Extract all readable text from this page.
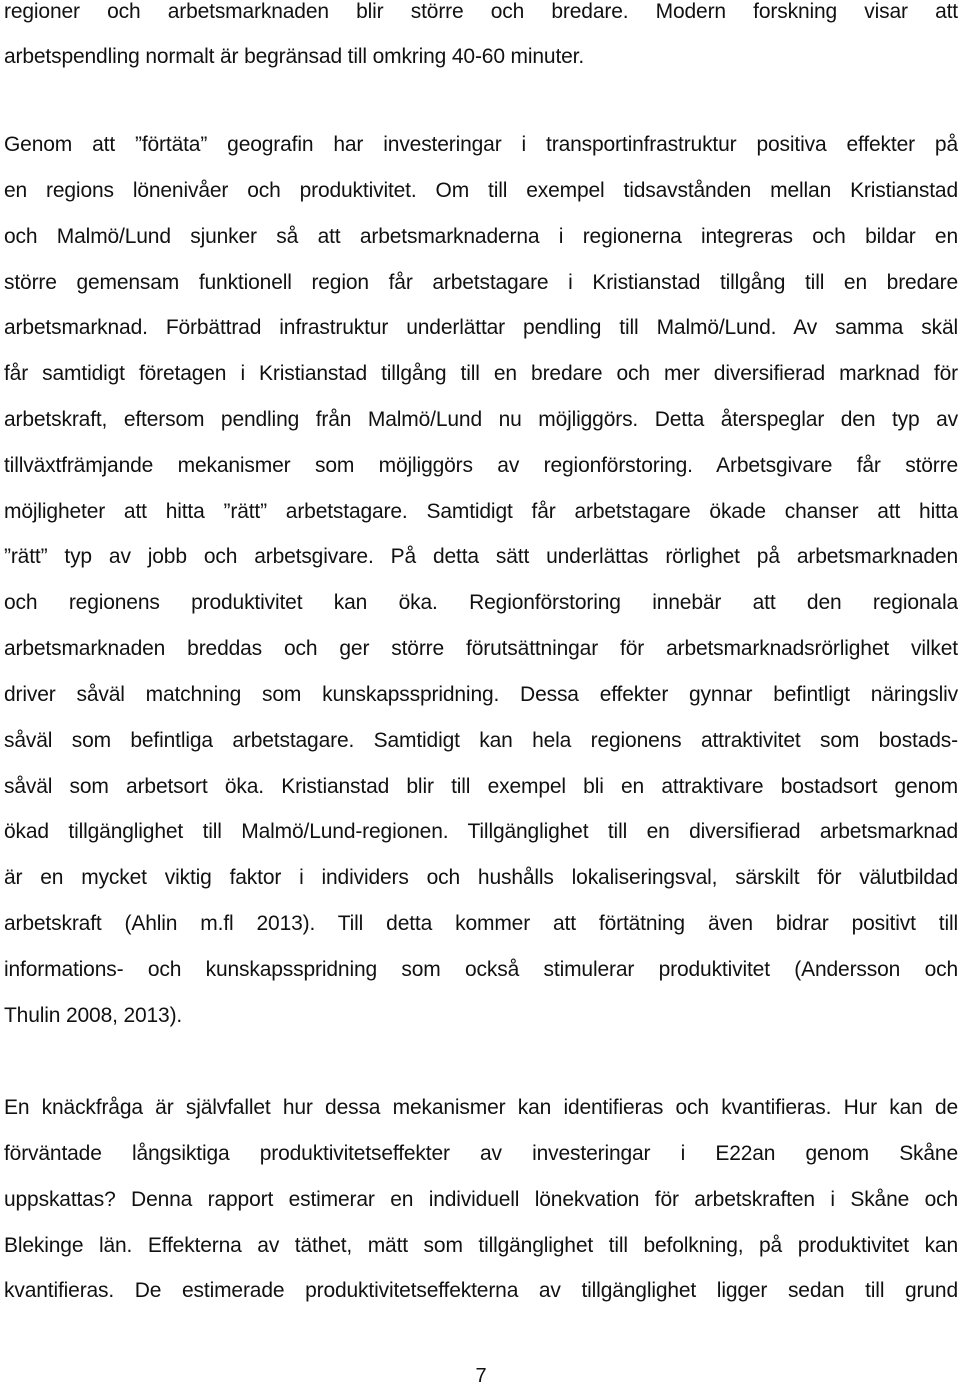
regioner och arbetsmarknaden blir större och bredare. Modern forskning visar att
arbetspendling normalt är begränsad till omkring 40-60 minuter.
Genom att ”förtäta” geografin har investeringar i transportinfrastruktur positiva effekter på
en regions lönenivåer och produktivitet. Om till exempel tidsavstånden mellan Kristianstad
och Malmö/Lund sjunker så att arbetsmarknaderna i regionerna integreras och bildar en
större gemensam funktionell region får arbetstagare i Kristianstad tillgång till en bredare
arbetsmarknad. Förbättrad infrastruktur underlättar pendling till Malmö/Lund. Av samma skäl
får samtidigt företagen i Kristianstad tillgång till en bredare och mer diversifierad marknad för
arbetskraft, eftersom pendling från Malmö/Lund nu möjliggörs. Detta återspeglar den typ av
tillväxtfrämjande mekanismer som möjliggörs av regionförstoring. Arbetsgivare får större
möjligheter att hitta ”rätt” arbetstagare. Samtidigt får arbetstagare ökade chanser att hitta
”rätt” typ av jobb och arbetsgivare. På detta sätt underlättas rörlighet på arbetsmarknaden
och regionens produktivitet kan öka. Regionförstoring innebär att den regionala
arbetsmarknaden breddas och ger större förutsättningar för arbetsmarknadsrörlighet vilket
driver såväl matchning som kunskapsspridning. Dessa effekter gynnar befintligt näringsliv
såväl som befintliga arbetstagare. Samtidigt kan hela regionens attraktivitet som bostads-
såväl som arbetsort öka. Kristianstad blir till exempel bli en attraktivare bostadsort genom
ökad tillgänglighet till Malmö/Lund-regionen. Tillgänglighet till en diversifierad arbetsmarknad
är en mycket viktig faktor i individers och hushålls lokaliseringsval, särskilt för välutbildad
arbetskraft (Ahlin m.fl 2013). Till detta kommer att förtätning även bidrar positivt till
informations- och kunskapsspridning som också stimulerar produktivitet (Andersson och
Thulin 2008, 2013).
En knäckfråga är självfallet hur dessa mekanismer kan identifieras och kvantifieras. Hur kan de
förväntade långsiktiga produktivitetseffekter av investeringar i E22an genom Skåne
uppskattas? Denna rapport estimerar en individuell lönekvation för arbetskraften i Skåne och
Blekinge län. Effekterna av täthet, mätt som tillgänglighet till befolkning, på produktivitet kan
kvantifieras. De estimerade produktivitetseffekterna av tillgänglighet ligger sedan till grund
7
